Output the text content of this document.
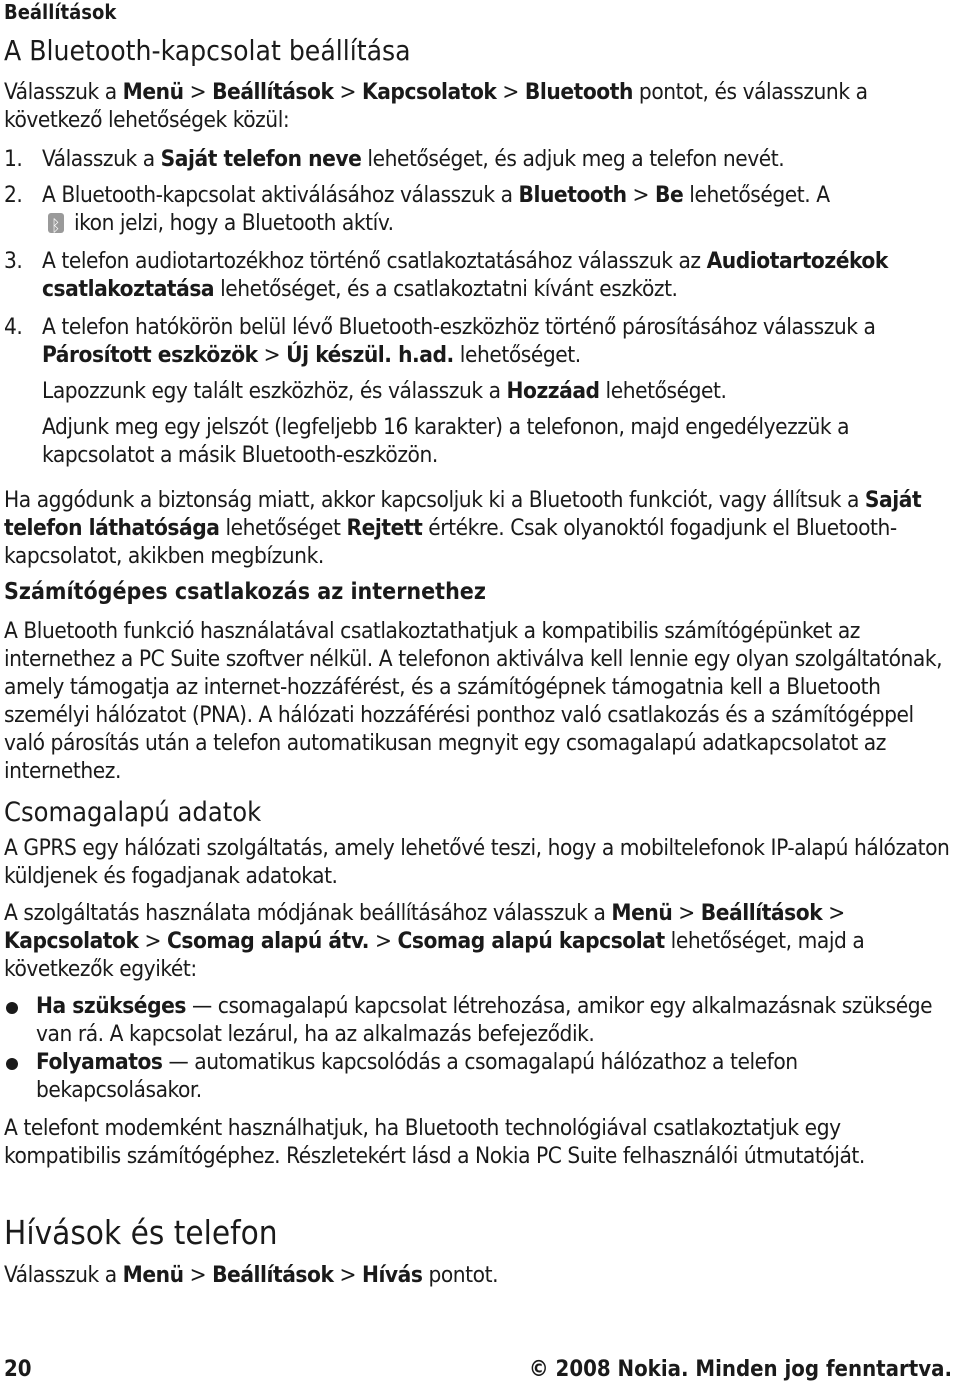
Beállítások
A Bluetooth-kapcsolat beállítása

Válasszuk a Menü > Beállítások > Kapcsolatok > Bluetooth pontot, és válasszunk a következő lehetőségek közül:

1. Válasszuk a Saját telefon neve lehetőséget, és adjuk meg a telefon nevét.
2. A Bluetooth-kapcsolat aktiválásához válasszuk a Bluetooth > Be lehetőséget. A
ᛒikon jelzi, hogy a Bluetooth aktív.
3. A telefon audiotartozékhoz történő csatlakoztatásához válasszuk az Audiotartozékok csatlakoztatása lehetőséget, és a csatlakoztatni kívánt eszközt.
4. A telefon hatókörön belül lévő Bluetooth-eszközhöz történő párosításához válasszuk a Párosított eszközök > Új készül. h.ad. lehetőséget.
Lapozzunk egy talált eszközhöz, és válasszuk a Hozzáad lehetőséget.
Adjunk meg egy jelszót (legfeljebb 16 karakter) a telefonon, majd engedélyezzük a kapcsolatot a másik Bluetooth-eszközön.

Ha aggódunk a biztonság miatt, akkor kapcsoljuk ki a Bluetooth funkciót, vagy állítsuk a Saját telefon láthatósága lehetőséget Rejtett értékre. Csak olyanoktól fogadjunk el Bluetooth-kapcsolatot, akikben megbízunk.

Számítógépes csatlakozás az internethez

A Bluetooth funkció használatával csatlakoztathatjuk a kompatibilis számítógépünket az internethez a PC Suite szoftver nélkül. A telefonon aktiválva kell lennie egy olyan szolgáltatónak, amely támogatja az internet-hozzáférést, és a számítógépnek támogatnia kell a Bluetooth személyi hálózatot (PNA). A hálózati hozzáférési ponthoz való csatlakozás és a számítógéppel való párosítás után a telefon automatikusan megnyit egy csomagalapú adatkapcsolatot az internethez.

Csomagalapú adatok

A GPRS egy hálózati szolgáltatás, amely lehetővé teszi, hogy a mobiltelefonok IP-alapú hálózaton küldjenek és fogadjanak adatokat.

A szolgáltatás használata módjának beállításához válasszuk a Menü > Beállítások > Kapcsolatok > Csomag alapú átv. > Csomag alapú kapcsolat lehetőséget, majd a következők egyikét:

Ha szükséges — csomagalapú kapcsolat létrehozása, amikor egy alkalmazásnak szüksége van rá. A kapcsolat lezárul, ha az alkalmazás befejeződik.
Folyamatos — automatikus kapcsolódás a csomagalapú hálózathoz a telefon bekapcsolásakor.

A telefont modemként használhatjuk, ha Bluetooth technológiával csatlakoztatjuk egy kompatibilis számítógéphez. Részletekért lásd a Nokia PC Suite felhasználói útmutatóját.

Hívások és telefon

Válasszuk a Menü > Beállítások > Hívás pontot.

20	© 2008 Nokia. Minden jog fenntartva.
